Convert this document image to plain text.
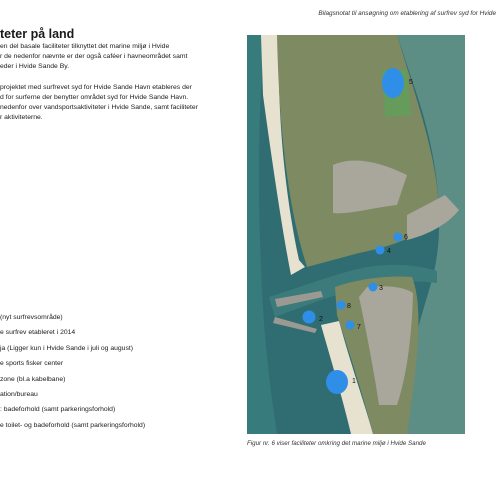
Bilagsnotat til ansøgning om etablering af surfrev syd for Hvide
teter på land

en del basale faciliteter tilknyttet det marine miljø i Hvide
r de nedenfor nævnte er der også caféer i havneområdet samt
eder i Hvide Sande By.

projektet med surfrevet syd for Hvide Sande Havn etableres der
d for surferne der benytter området syd for Hvide Sande Havn.
nedenfor over vandsportsaktiviteter i Hvide Sande, samt faciliteter
r aktiviteterne.

(nyt surfrevsområde)
e surfrev etableret i 2014
ja (Ligger kun i Hvide Sande i juli og august)
e sports fisker center
zone (bl.a kabelbane)
ation/bureau
: badeforhold (samt parkeringsforhold)
e toilet- og badeforhold (samt parkeringsforhold)
1
2
3
4
5
6
7
8
Figur nr. 6 viser faciliteter omkring det marine miljø i Hvide Sande
